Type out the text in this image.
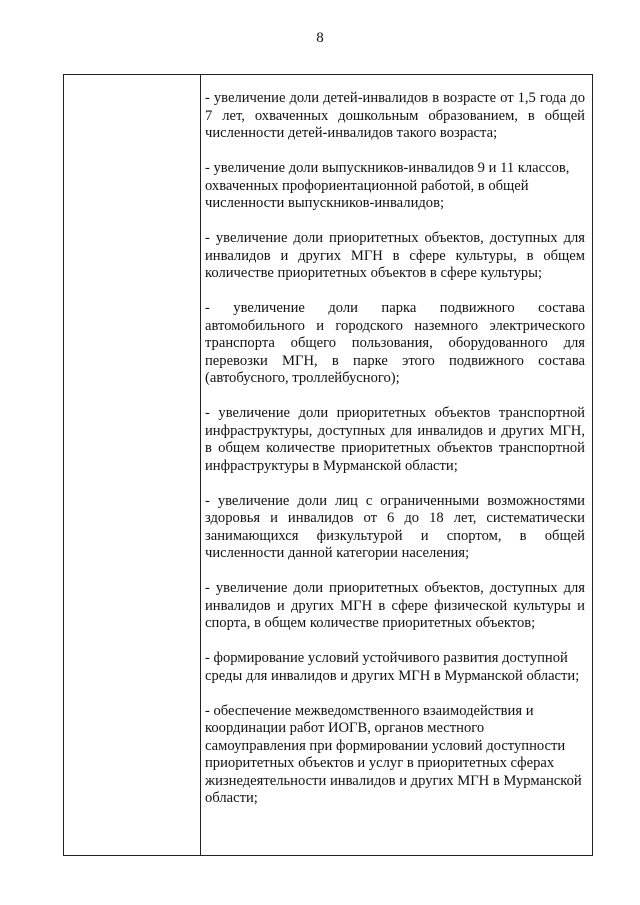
8

- увеличение доли детей-инвалидов в возрасте от 1,5 года до 7 лет, охваченных дошкольным образованием, в общей численности детей-инвалидов такого возраста;

- увеличение доли выпускников-инвалидов 9 и 11 классов, охваченных профориентационной работой, в общей численности выпускников-инвалидов;

- увеличение доли приоритетных объектов, доступных для инвалидов и других МГН в сфере культуры, в общем количестве приоритетных объектов в сфере культуры;

- увеличение доли парка подвижного состава автомобильного и городского наземного электрического транспорта общего пользования, оборудованного для перевозки МГН, в парке этого подвижного состава (автобусного, троллейбусного);

- увеличение доли приоритетных объектов транспортной инфраструктуры, доступных для инвалидов и других МГН, в общем количестве приоритетных объектов транспортной инфраструктуры в Мурманской области;

- увеличение доли лиц с ограниченными возможностями здоровья и инвалидов от 6 до 18 лет, систематически занимающихся физкультурой и спортом, в общей численности данной категории населения;

- увеличение доли приоритетных объектов, доступных для инвалидов и других МГН в сфере физической культуры и спорта, в общем количестве приоритетных объектов;

- формирование условий устойчивого развития доступной среды для инвалидов и других МГН в Мурманской области;

- обеспечение межведомственного взаимодействия и координации работ ИОГВ, органов местного самоуправления при формировании условий доступности приоритетных объектов и услуг в приоритетных сферах жизнедеятельности инвалидов и других МГН в Мурманской области;
